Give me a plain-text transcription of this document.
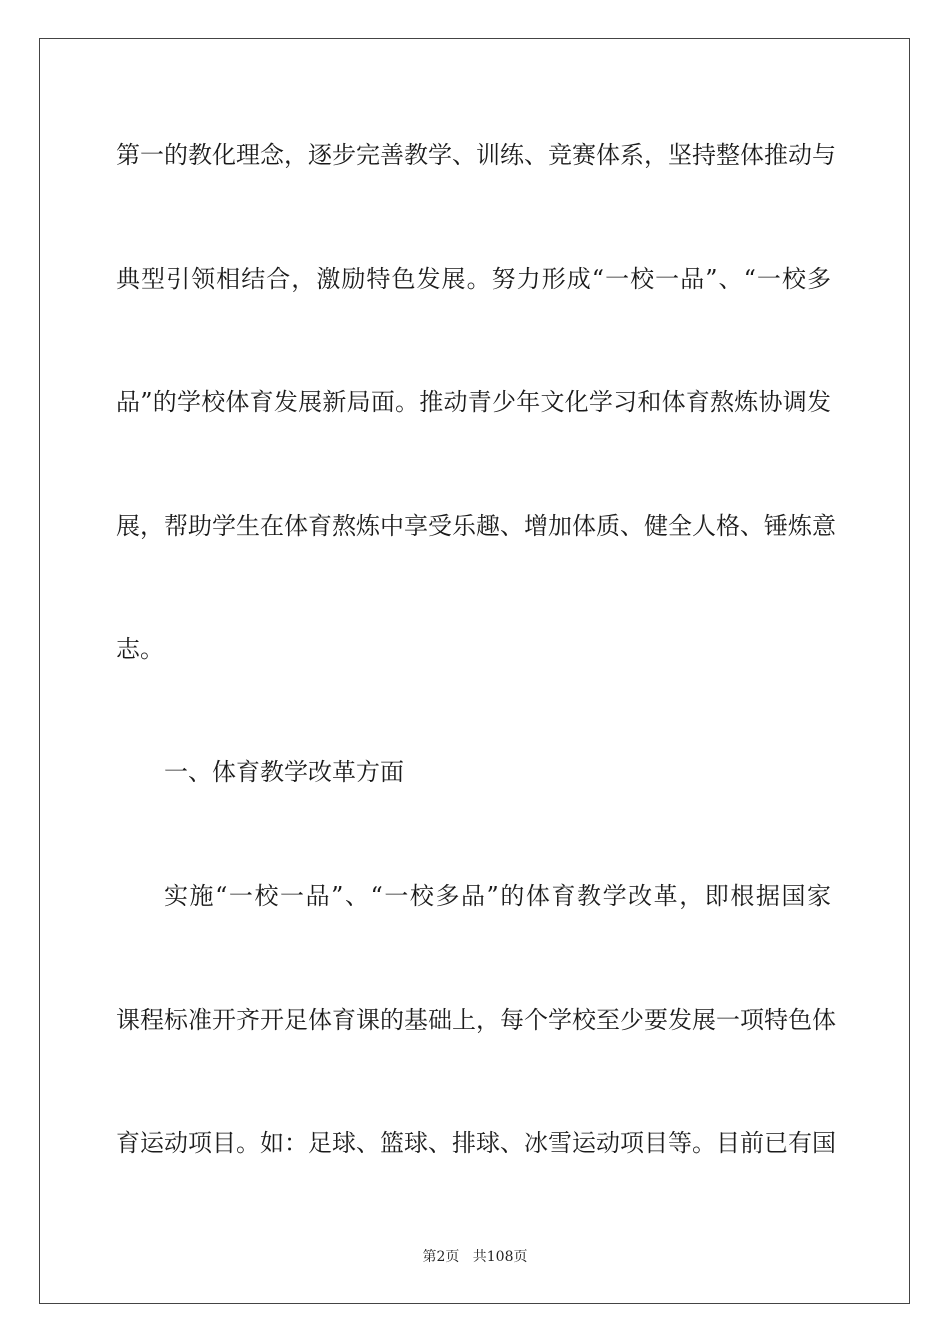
第一的教化理念，逐步完善教学、训练、竞赛体系，坚持整体推动与
典型引领相结合，激励特色发展。努力形成“一校一品”、“一校多
品”的学校体育发展新局面。推动青少年文化学习和体育熬炼协调发
展，帮助学生在体育熬炼中享受乐趣、增加体质、健全人格、锤炼意
志。
一、体育教学改革方面
实施“一校一品”、“一校多品”的体育教学改革，即根据国家
课程标准开齐开足体育课的基础上，每个学校至少要发展一项特色体
育运动项目。如：足球、篮球、排球、冰雪运动项目等。目前已有国
第2页   共108页
